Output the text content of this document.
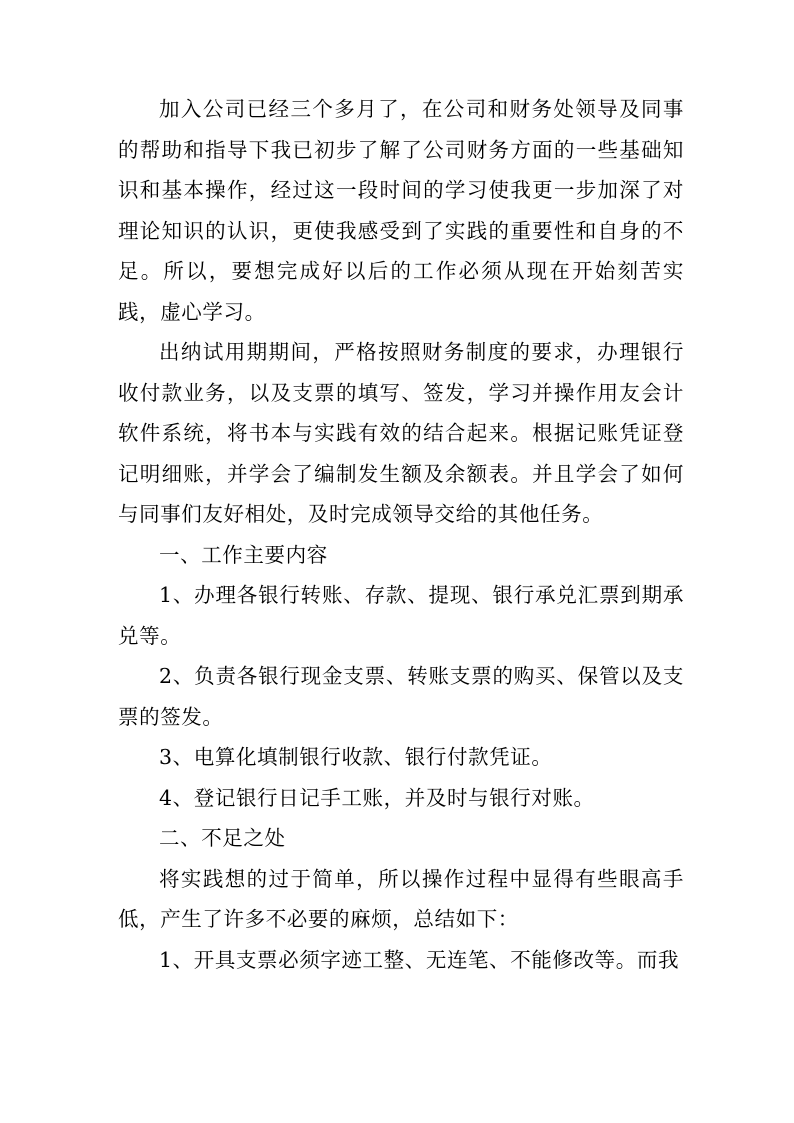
加入公司已经三个多月了，在公司和财务处领导及同事的帮助和指导下我已初步了解了公司财务方面的一些基础知识和基本操作，经过这一段时间的学习使我更一步加深了对理论知识的认识，更使我感受到了实践的重要性和自身的不足。所以，要想完成好以后的工作必须从现在开始刻苦实践，虚心学习。

出纳试用期期间，严格按照财务制度的要求，办理银行收付款业务，以及支票的填写、签发，学习并操作用友会计软件系统，将书本与实践有效的结合起来。根据记账凭证登记明细账，并学会了编制发生额及余额表。并且学会了如何与同事们友好相处，及时完成领导交给的其他任务。

一、工作主要内容

1、办理各银行转账、存款、提现、银行承兑汇票到期承兑等。

2、负责各银行现金支票、转账支票的购买、保管以及支票的签发。

3、电算化填制银行收款、银行付款凭证。

4、登记银行日记手工账，并及时与银行对账。

二、不足之处

将实践想的过于简单，所以操作过程中显得有些眼高手低，产生了许多不必要的麻烦，总结如下：

1、开具支票必须字迹工整、无连笔、不能修改等。而我
